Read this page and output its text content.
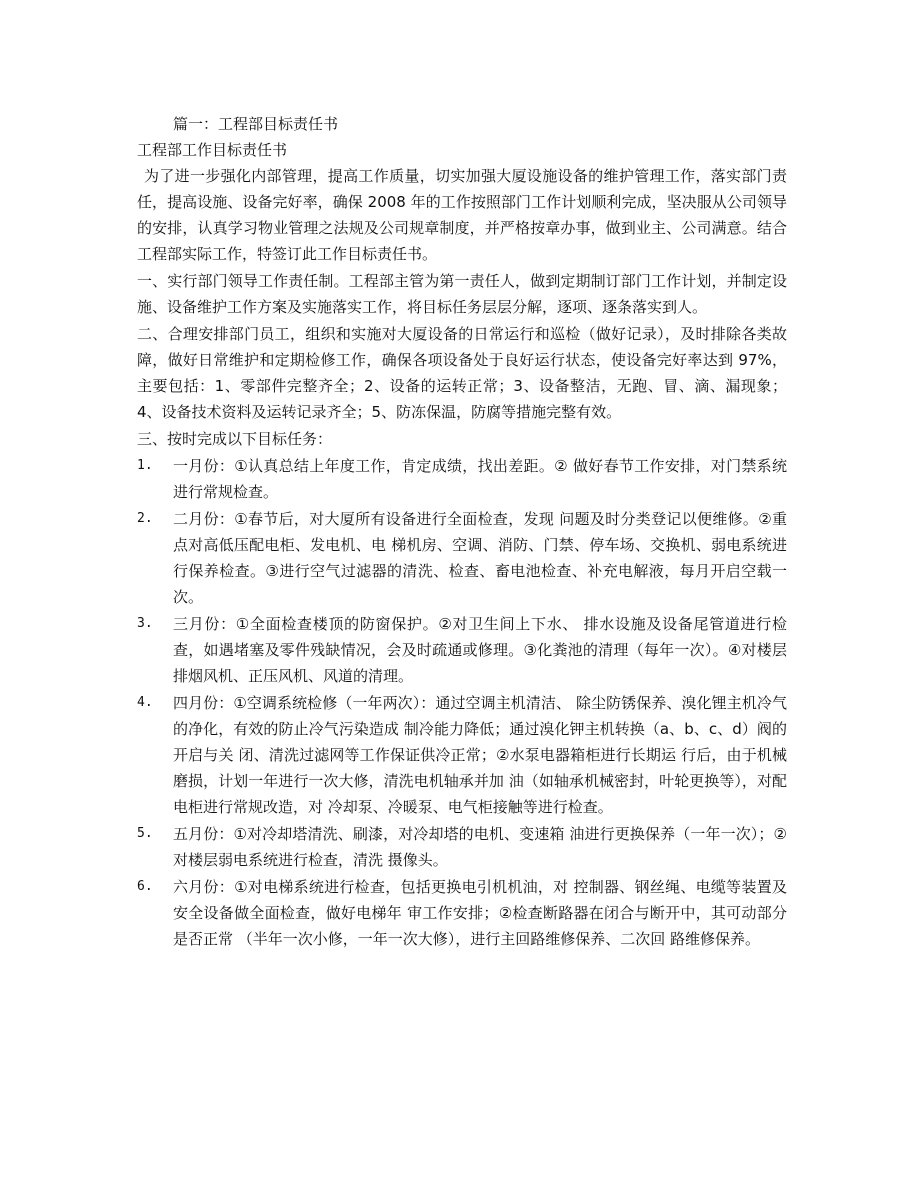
篇一：工程部目标责任书
工程部工作目标责任书

为了进一步强化内部管理，提高工作质量，切实加强大厦设施设备的维护管理工作，落实部门责任，提高设施、设备完好率，确保 2008 年的工作按照部门工作计划顺利完成，坚决服从公司领导的安排，认真学习物业管理之法规及公司规章制度，并严格按章办事，做到业主、公司满意。结合工程部实际工作，特签订此工作目标责任书。

一、实行部门领导工作责任制。工程部主管为第一责任人，做到定期制订部门工作计划，并制定设施、设备维护工作方案及实施落实工作，将目标任务层层分解，逐项、逐条落实到人。

二、合理安排部门员工，组织和实施对大厦设备的日常运行和巡检（做好记录），及时排除各类故障，做好日常维护和定期检修工作，确保各项设备处于良好运行状态，使设备完好率达到 97%，主要包括：1、零部件完整齐全；2、设备的运转正常；3、设备整洁，无跑、冒、滴、漏现象；4、设备技术资料及运转记录齐全；5、防冻保温，防腐等措施完整有效。

三、按时完成以下目标任务：

1.	一月份：①认真总结上年度工作，肯定成绩，找出差距。② 做好春节工作安排，对门禁系统进行常规检查。
2.	二月份：①春节后，对大厦所有设备进行全面检查，发现 问题及时分类登记以便维修。②重点对高低压配电柜、发电机、电 梯机房、空调、消防、门禁、停车场、交换机、弱电系统进行保养检查。③进行空气过滤器的清洗、检查、畜电池检查、补充电解液，每月开启空载一次。
3.	三月份：①全面检查楼顶的防窗保护。②对卫生间上下水、 排水设施及设备尾管道进行检查，如遇堵塞及零件残缺情况，会及时疏通或修理。③化粪池的清理（每年一次）。④对楼层排烟风机、正压风机、风道的清理。
4.	四月份：①空调系统检修（一年两次）：通过空调主机清洁、 除尘防锈保养、溴化锂主机冷气的净化，有效的防止冷气污染造成 制冷能力降低；通过溴化钾主机转换（a、b、c、d）阀的开启与关 闭、清洗过滤网等工作保证供冷正常；②水泵电器箱柜进行长期运 行后，由于机械磨损，计划一年进行一次大修，清洗电机轴承并加 油（如轴承机械密封，叶轮更换等），对配电柜进行常规改造，对 冷却泵、冷暖泵、电气柜接触等进行检查。
5.	五月份：①对冷却塔清洗、刷漆，对冷却塔的电机、变速箱 油进行更换保养（一年一次）；②对楼层弱电系统进行检查，清洗 摄像头。
6.	六月份：①对电梯系统进行检查，包括更换电引机机油，对 控制器、钢丝绳、电缆等装置及安全设备做全面检查，做好电梯年 审工作安排；②检查断路器在闭合与断开中，其可动部分是否正常 （半年一次小修，一年一次大修），进行主回路维修保养、二次回 路维修保养。
